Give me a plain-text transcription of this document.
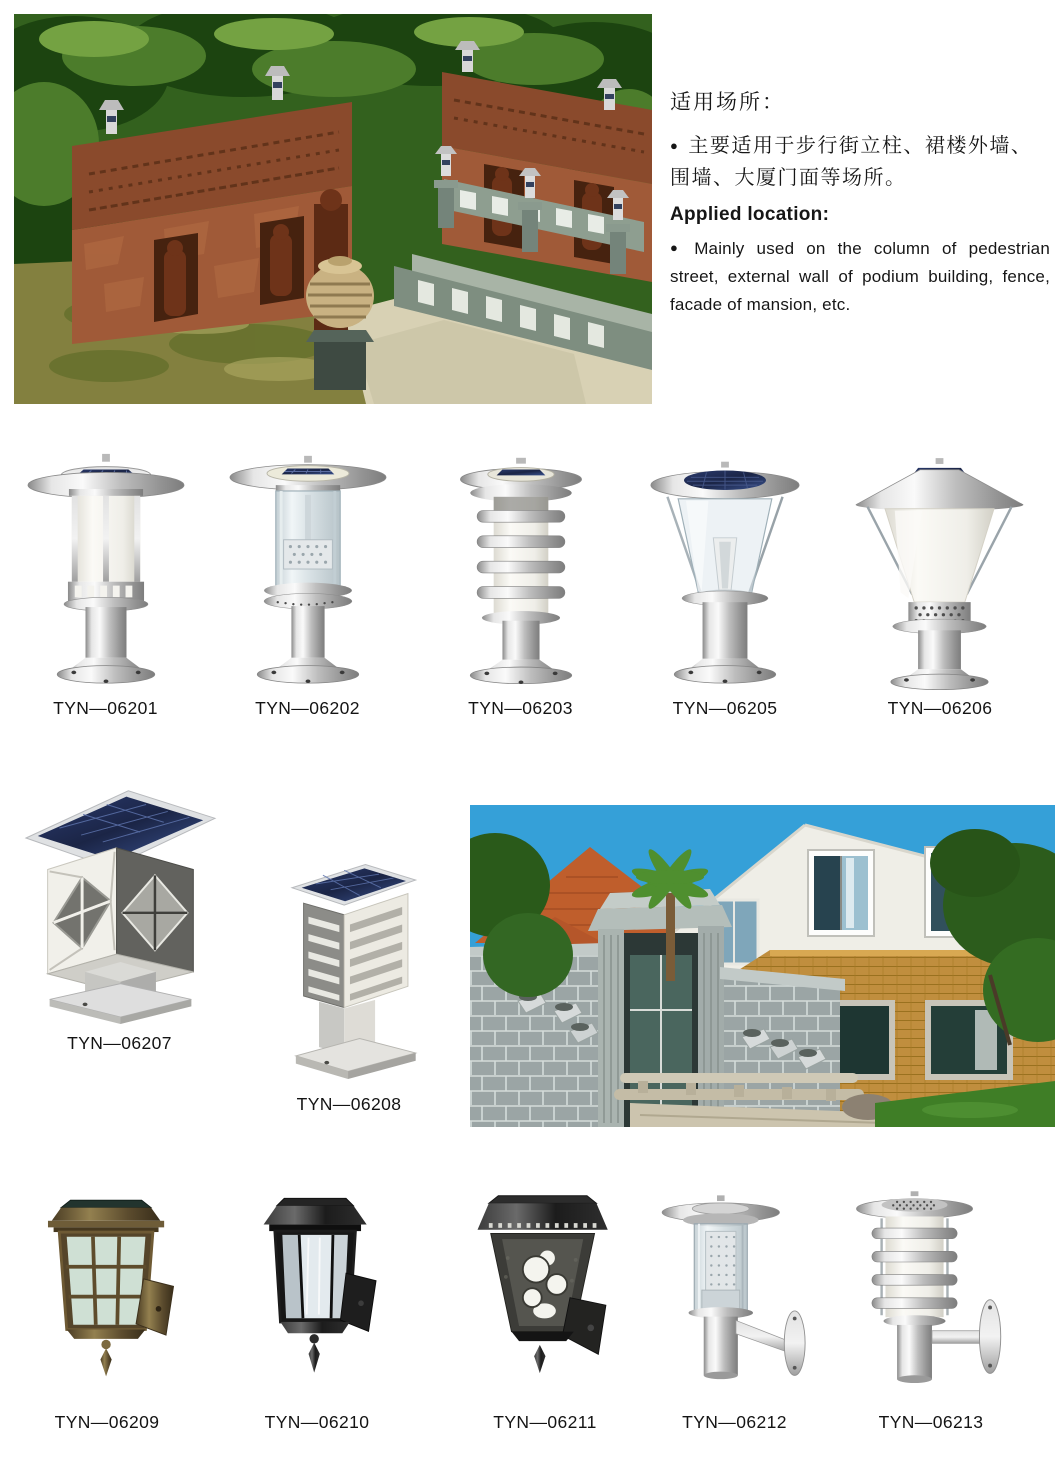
适用场所：
● 主要适用于步行街立柱、裙楼外墙、围墙、大厦门面等场所。
Applied location:
● Mainly used on the column of pedestrian street, external wall of podium building, fence, facade of mansion, etc.
TYN—06201	TYN—06202	TYN—06203	TYN—06205	TYN—06206
TYN—06207
TYN—06208
TYN—06209	TYN—06210	TYN—06211	TYN—06212	TYN—06213
